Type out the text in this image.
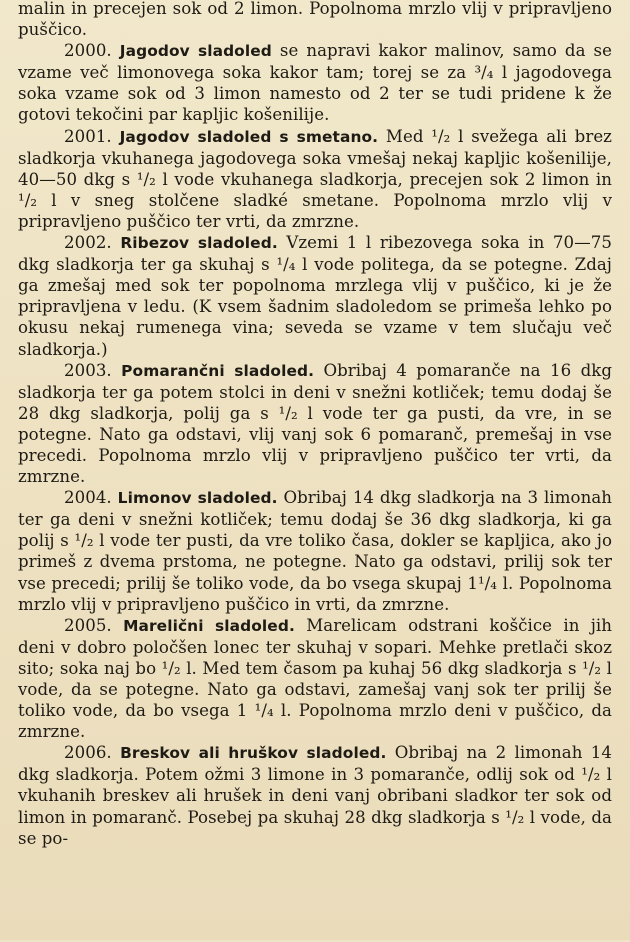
malin in precejen sok od 2 limon. Popolnoma mrzlo vlij v pripravljeno puščico.

2000. Jagodov sladoled se napravi kakor malinov, samo da se vzame več limonovega soka kakor tam; torej se za ³/₄ l jagodovega soka vzame sok od 3 limon namesto od 2 ter se tudi pridene k že gotovi tekočini par kapljic košenilije.

2001. Jagodov sladoled s smetano. Med ¹/₂ l svežega ali brez sladkorja vkuhanega jagodovega soka vmešaj nekaj kapljic košenilije, 40—50 dkg s ¹/₂ l vode vkuhanega sladkorja, precejen sok 2 limon in ¹/₂ l v sneg stolčene sladké smetane. Popolnoma mrzlo vlij v pripravljeno puščico ter vrti, da zmrzne.

2002. Ribezov sladoled. Vzemi 1 l ribezovega soka in 70—75 dkg sladkorja ter ga skuhaj s ¹/₄ l vode politega, da se potegne. Zdaj ga zmešaj med sok ter popolnoma mrzlega vlij v puščico, ki je že pripravljena v ledu. (K vsem šadnim sladoledom se primeša lehko po okusu nekaj rumenega vina; seveda se vzame v tem slučaju več sladkorja.)

2003. Pomarančni sladoled. Obribaj 4 pomaranče na 16 dkg sladkorja ter ga potem stolci in deni v snežni kotliček; temu dodaj še 28 dkg sladkorja, polij ga s ¹/₂ l vode ter ga pusti, da vre, in se potegne. Nato ga odstavi, vlij vanj sok 6 pomaranč, premešaj in vse precedi. Popolnoma mrzlo vlij v pripravljeno puščico ter vrti, da zmrzne.

2004. Limonov sladoled. Obribaj 14 dkg sladkorja na 3 limonah ter ga deni v snežni kotliček; temu dodaj še 36 dkg sladkorja, ki ga polij s ¹/₂ l vode ter pusti, da vre toliko časa, dokler se kapljica, ako jo primeš z dvema prstoma, ne potegne. Nato ga odstavi, prilij sok ter vse precedi; prilij še toliko vode, da bo vsega skupaj 1¹/₄ l. Popolnoma mrzlo vlij v pripravljeno puščico in vrti, da zmrzne.

2005. Marelični sladoled. Marelicam odstrani koščice in jih deni v dobro poločšen lonec ter skuhaj v sopari. Mehke pretlači skoz sito; soka naj bo ¹/₂ l. Med tem časom pa kuhaj 56 dkg sladkorja s ¹/₂ l vode, da se potegne. Nato ga odstavi, zamešaj vanj sok ter prilij še toliko vode, da bo vsega 1 ¹/₄ l. Popolnoma mrzlo deni v puščico, da zmrzne.

2006. Breskov ali hruškov sladoled. Obribaj na 2 limonah 14 dkg sladkorja. Potem ožmi 3 limone in 3 pomaranče, odlij sok od ¹/₂ l vkuhanih breskev ali hrušek in deni vanj obribani sladkor ter sok od limon in pomaranč. Posebej pa skuhaj 28 dkg sladkorja s ¹/₂ l vode, da se po-
